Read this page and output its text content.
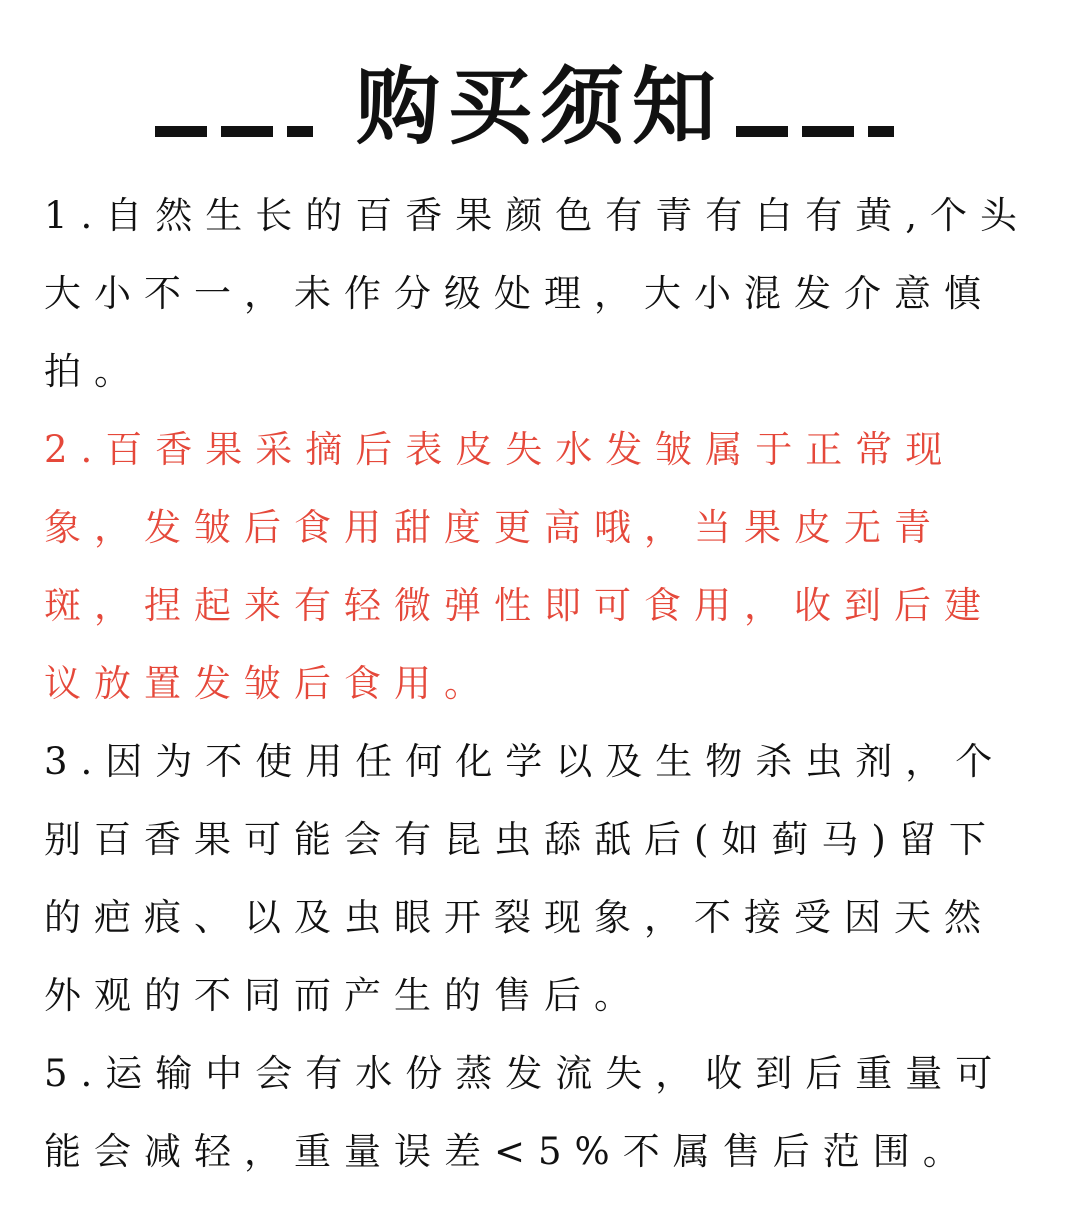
购买须知

1.自然生长的百香果颜色有青有白有黄,个头大小不一，未作分级处理，大小混发介意慎拍。

2.百香果采摘后表皮失水发皱属于正常现象，发皱后食用甜度更高哦，当果皮无青斑，捏起来有轻微弹性即可食用，收到后建议放置发皱后食用。

3.因为不使用任何化学以及生物杀虫剂，个别百香果可能会有昆虫舔舐后(如蓟马)留下的疤痕、以及虫眼开裂现象，不接受因天然外观的不同而产生的售后。

5.运输中会有水份蒸发流失，收到后重量可能会减轻，重量误差<5%不属售后范围。
